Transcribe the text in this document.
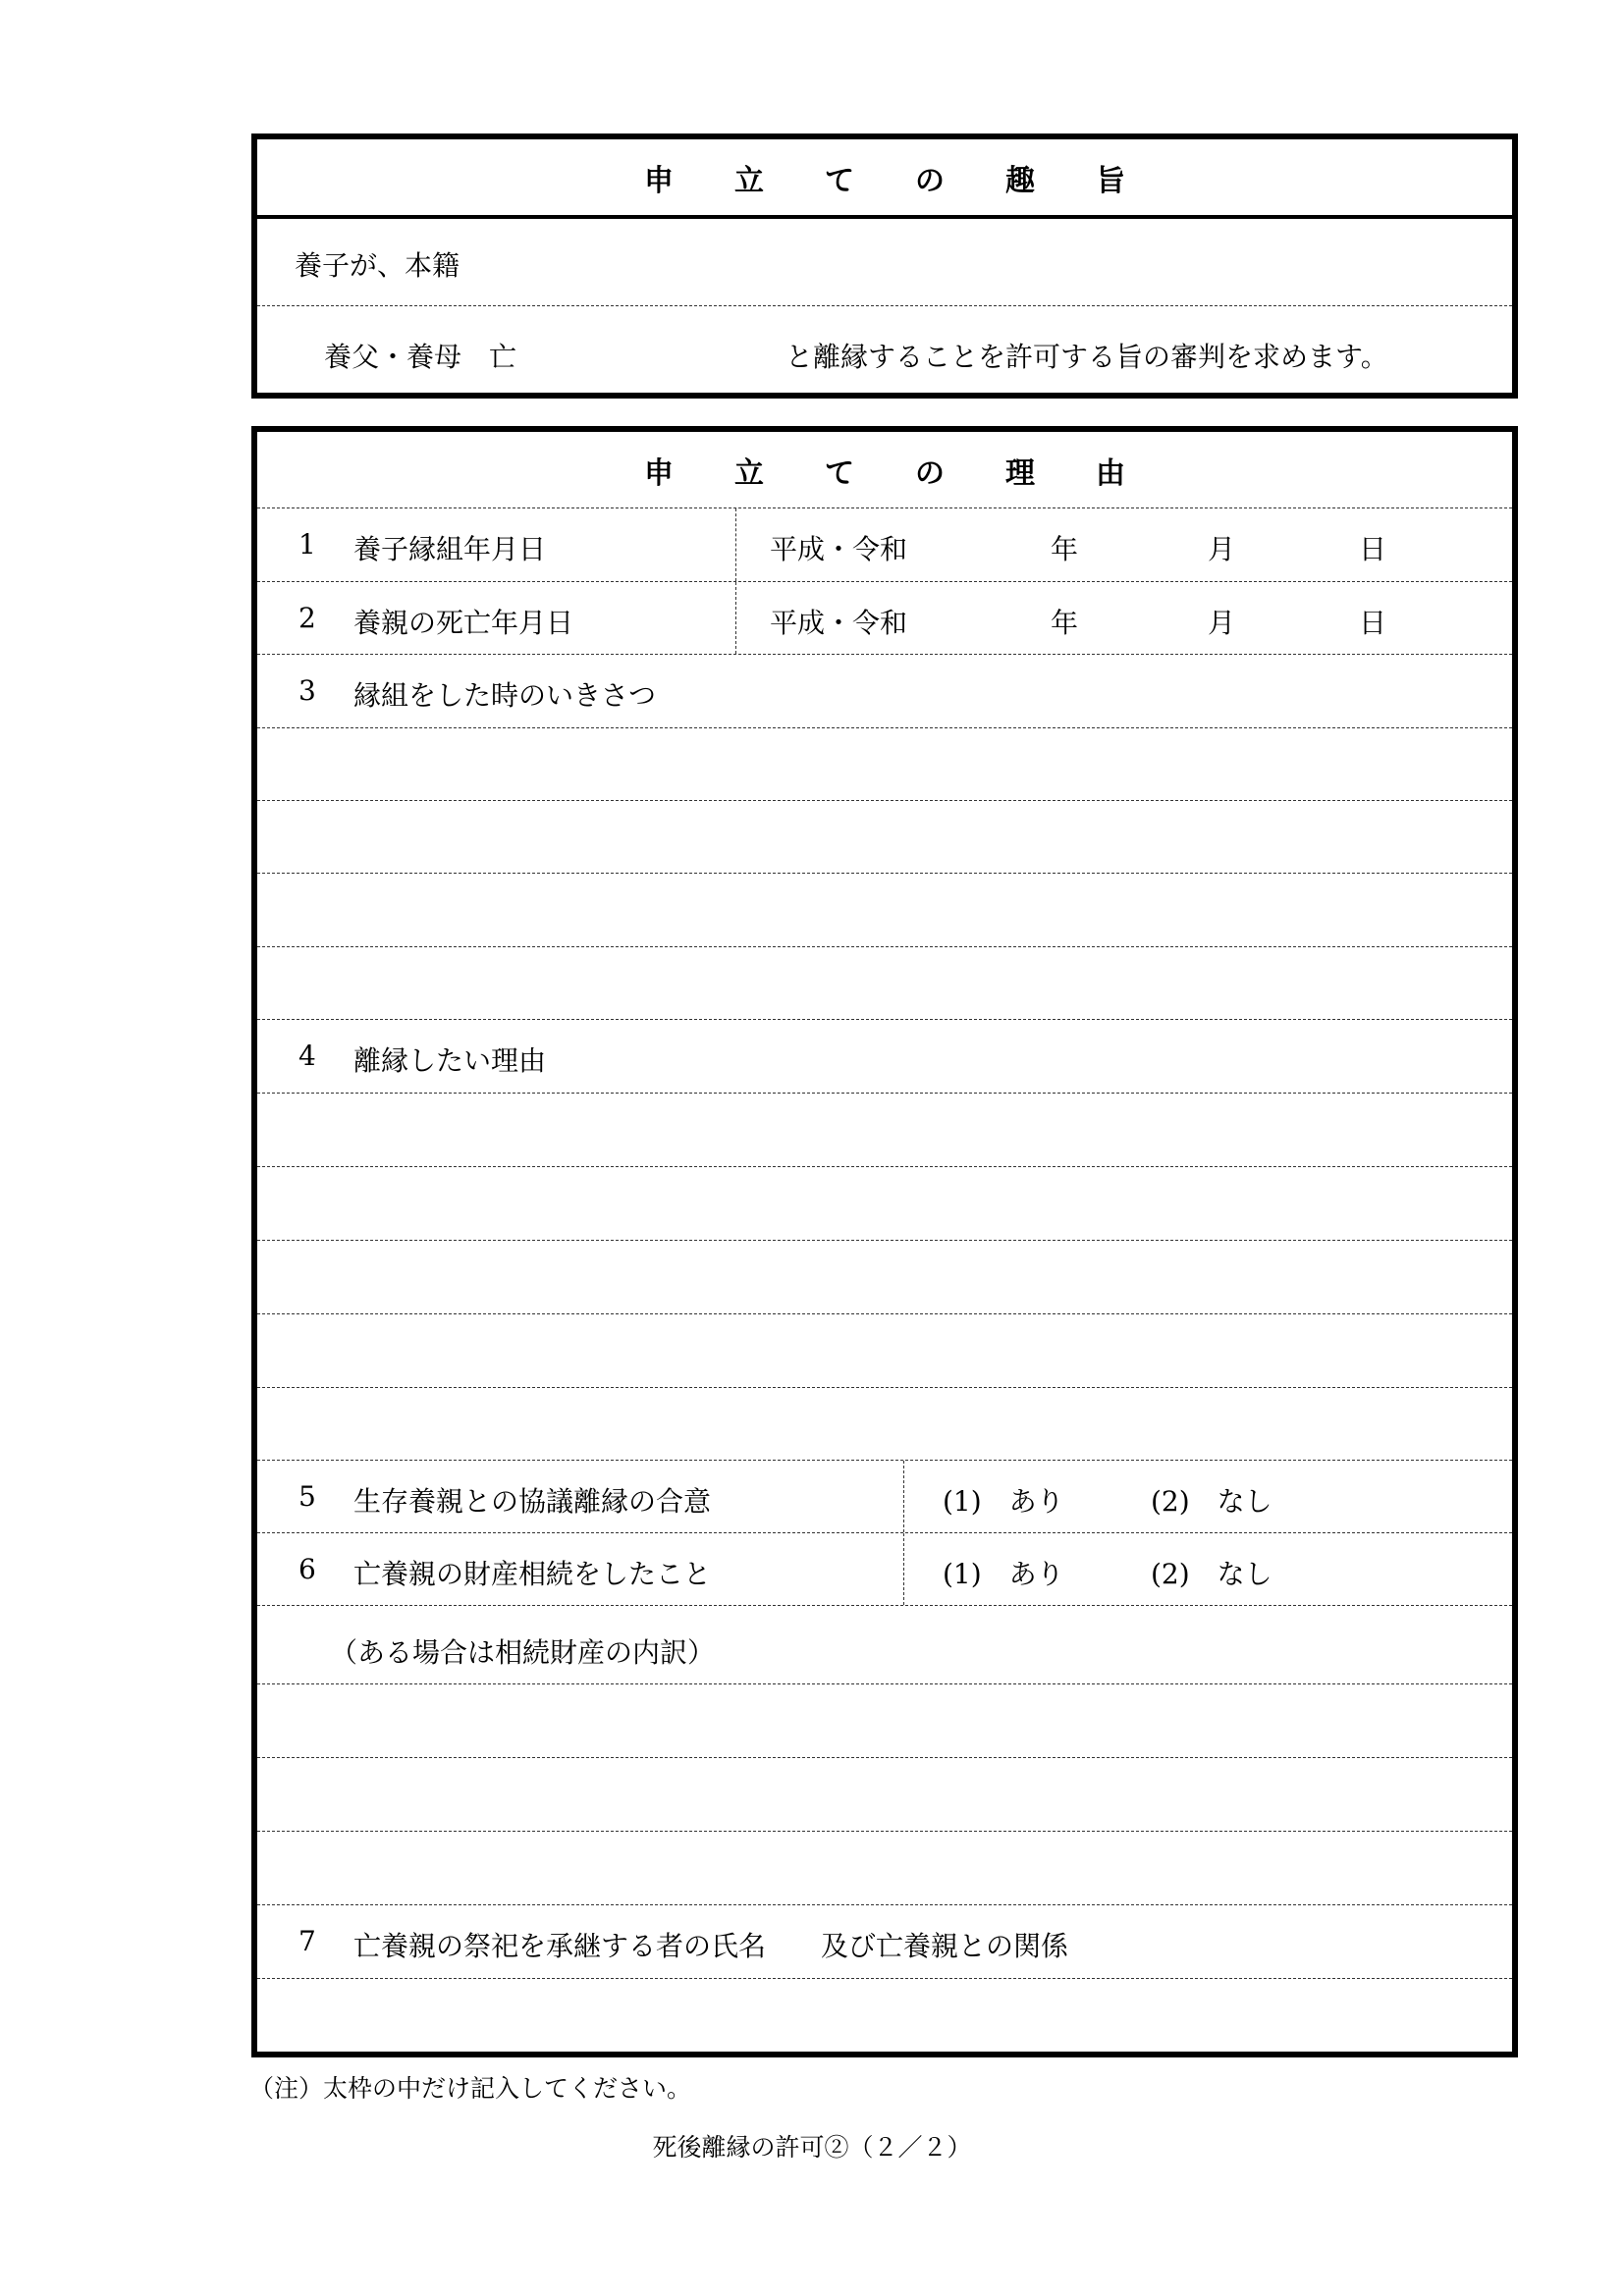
申立ての趣旨
養子が、本籍
養父・養母　亡	と離縁することを許可する旨の審判を求めます。
申立ての理由
1 養子縁組年月日	平成・令和	年	月	日
2 養親の死亡年月日	平成・令和	年	月	日
3 縁組をした時のいきさつ
4 離縁したい理由
5 生存養親との協議離縁の合意	(1)　あり	(2)　なし
6 亡養親の財産相続をしたこと	(1)　あり	(2)　なし
（ある場合は相続財産の内訳）
7 亡養親の祭祀を承継する者の氏名　　及び亡養親との関係
（注）太枠の中だけ記入してください。
死後離縁の許可②（２／２）
